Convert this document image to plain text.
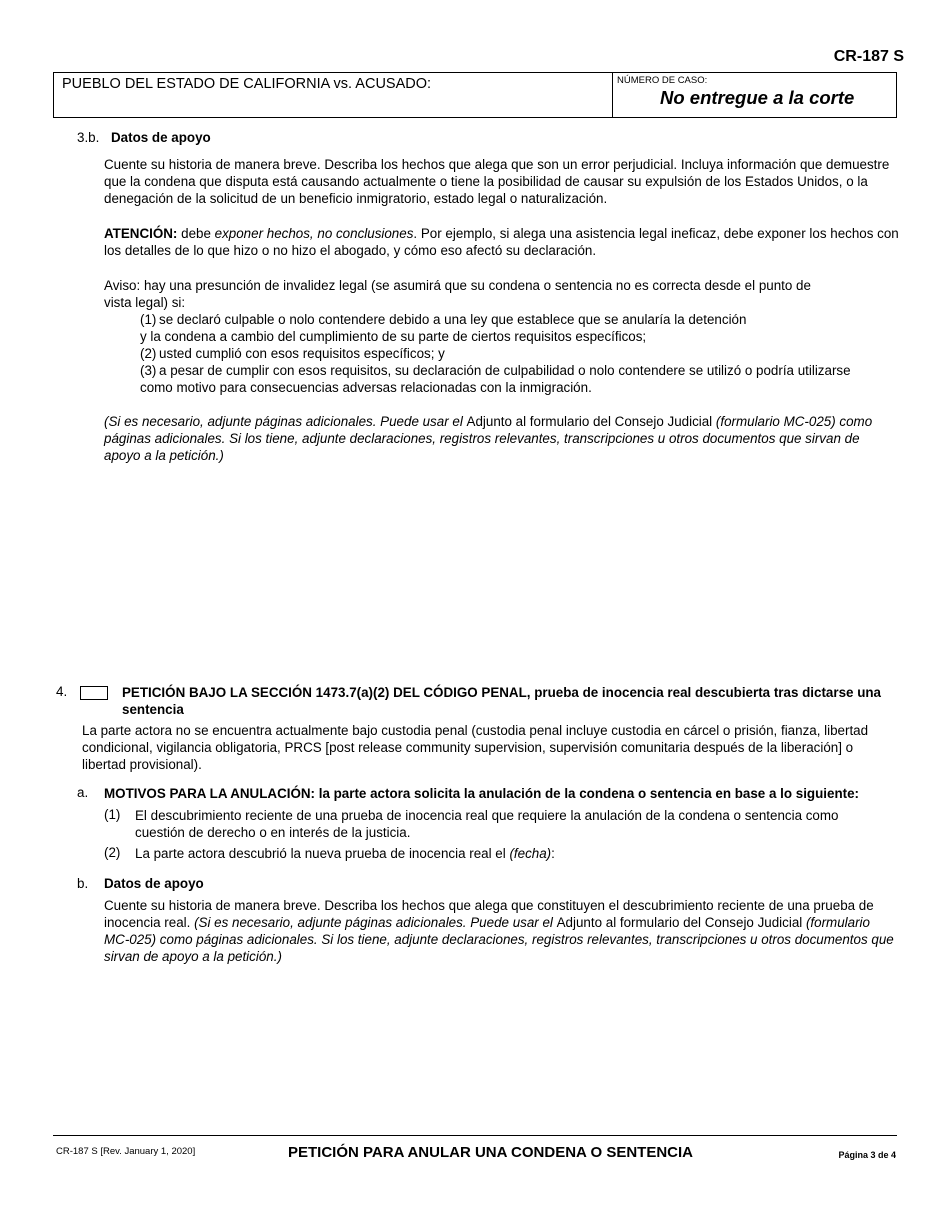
CR-187 S
PUEBLO DEL ESTADO DE CALIFORNIA vs. ACUSADO:	NÚMERO DE CASO:
No entregue a la corte
3.b. Datos de apoyo

Cuente su historia de manera breve. Describa los hechos que alega que son un error perjudicial. Incluya información que demuestre que la condena que disputa está causando actualmente o tiene la posibilidad de causar su expulsión de los Estados Unidos, o la denegación de la solicitud de un beneficio inmigratorio, estado legal o naturalización.

ATENCIÓN: debe exponer hechos, no conclusiones. Por ejemplo, si alega una asistencia legal ineficaz, debe exponer los hechos con los detalles de lo que hizo o no hizo el abogado, y cómo eso afectó su declaración.

Aviso: hay una presunción de invalidez legal (se asumirá que su condena o sentencia no es correcta desde el punto de vista legal) si:

(1) se declaró culpable o nolo contendere debido a una ley que establece que se anularía la detención
y la condena a cambio del cumplimiento de su parte de ciertos requisitos específicos;
(2) usted cumplió con esos requisitos específicos; y
(3) a pesar de cumplir con esos requisitos, su declaración de culpabilidad o nolo contendere se utilizó o podría utilizarse
como motivo para consecuencias adversas relacionadas con la inmigración.

(Si es necesario, adjunte páginas adicionales. Puede usar el Adjunto al formulario del Consejo Judicial (formulario MC-025) como páginas adicionales. Si los tiene, adjunte declaraciones, registros relevantes, transcripciones u otros documentos que sirvan de apoyo a la petición.)

4.	PETICIÓN BAJO LA SECCIÓN 1473.7(a)(2) DEL CÓDIGO PENAL, prueba de inocencia real descubierta tras dictarse una sentencia

La parte actora no se encuentra actualmente bajo custodia penal (custodia penal incluye custodia en cárcel o prisión, fianza, libertad condicional, vigilancia obligatoria, PRCS [post release community supervision, supervisión comunitaria después de la liberación] o libertad provisional).

a. MOTIVOS PARA LA ANULACIÓN: la parte actora solicita la anulación de la condena o sentencia en base a lo siguiente:

(1) El descubrimiento reciente de una prueba de inocencia real que requiere la anulación de la condena o sentencia como cuestión de derecho o en interés de la justicia.

(2) La parte actora descubrió la nueva prueba de inocencia real el (fecha):

b. Datos de apoyo

Cuente su historia de manera breve. Describa los hechos que alega que constituyen el descubrimiento reciente de una prueba de inocencia real. (Si es necesario, adjunte páginas adicionales. Puede usar el Adjunto al formulario del Consejo Judicial (formulario MC-025) como páginas adicionales. Si los tiene, adjunte declaraciones, registros relevantes, transcripciones u otros documentos que sirvan de apoyo a la petición.)

CR-187 S [Rev. January 1, 2020]	PETICIÓN PARA ANULAR UNA CONDENA O SENTENCIA	Página 3 de 4
